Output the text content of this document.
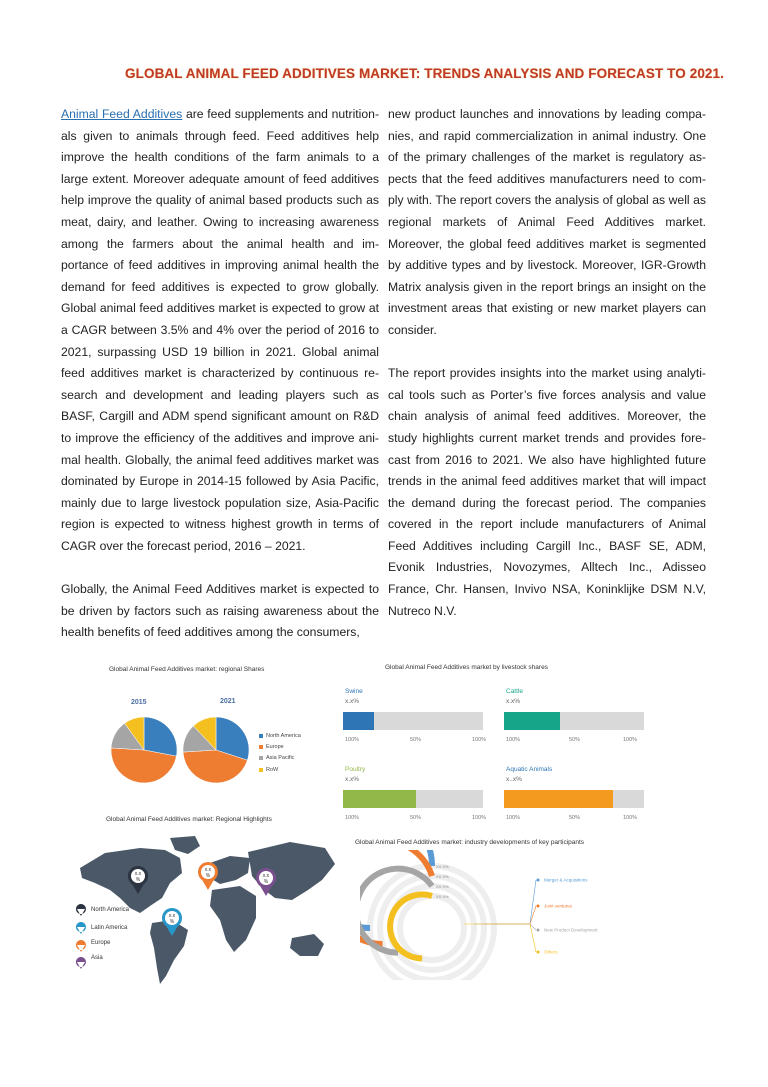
GLOBAL ANIMAL FEED ADDITIVES MARKET: TRENDS ANALYSIS AND FORECAST TO 2021.

Animal Feed Additives are feed supplements and nutrition-als given to animals through feed. Feed additives help improve the health conditions of the farm animals to a large extent. Moreover adequate amount of feed additives help improve the quality of animal based products such as meat, dairy, and leather. Owing to increasing awareness among the farmers about the animal health and im-portance of feed additives in improving animal health the demand for feed additives is expected to grow globally. Global animal feed additives market is expected to grow at a CAGR between 3.5% and 4% over the period of 2016 to 2021, surpassing USD 19 billion in 2021. Global animal feed additives market is characterized by continuous re-search and development and leading players such as BASF, Cargill and ADM spend significant amount on R&D to improve the efficiency of the additives and improve ani-mal health. Globally, the animal feed additives market was dominated by Europe in 2014-15 followed by Asia Pacific, mainly due to large livestock population size, Asia-Pacific region is expected to witness highest growth in terms of CAGR over the forecast period, 2016 – 2021.

Globally, the Animal Feed Additives market is expected to be driven by factors such as raising awareness about the health benefits of feed additives among the consumers,

new product launches and innovations by leading compa-nies, and rapid commercialization in animal industry. One of the primary challenges of the market is regulatory as-pects that the feed additives manufacturers need to com-ply with. The report covers the analysis of global as well as regional markets of Animal Feed Additives market. Moreover, the global feed additives market is segmented by additive types and by livestock. Moreover, IGR-Growth Matrix analysis given in the report brings an insight on the investment areas that existing or new market players can consider.

The report provides insights into the market using analyti-cal tools such as Porter’s five forces analysis and value chain analysis of animal feed additives. Moreover, the study highlights current market trends and provides fore-cast from 2016 to 2021. We also have highlighted future trends in the animal feed additives market that will impact the demand during the forecast period. The companies covered in the report include manufacturers of Animal Feed Additives including Cargill Inc., BASF SE, ADM, Evonik Industries, Novozymes, Alltech Inc., Adisseo France, Chr. Hansen, Invivo NSA, Koninklijke DSM N.V, Nutreco N.V.

Global Animal Feed Additives market: regional Shares
2015	2021
North America
Europe
Asia Pacific
RoW
Global Animal Feed Additives market by livestock shares
Swine
x.x%
100%	50%	100%
Cattle
x.x%
100%	50%	100%
Poultry
x.x%
100%	50%	100%
Aquatic Animals
x..x%
100%	50%	100%
Global Animal Feed Additives market: Regional Highlights
x.x
%
x.x
%	x.x
%
x.x
%
North America
Latin America
Europe
Asia
Global Animal Feed Additives market: industry developments of key participants
XX.X%
Merger & Acquisitions
XX.X%
Joint ventures
XX.X%
New Product Development
XX.X%
Others
